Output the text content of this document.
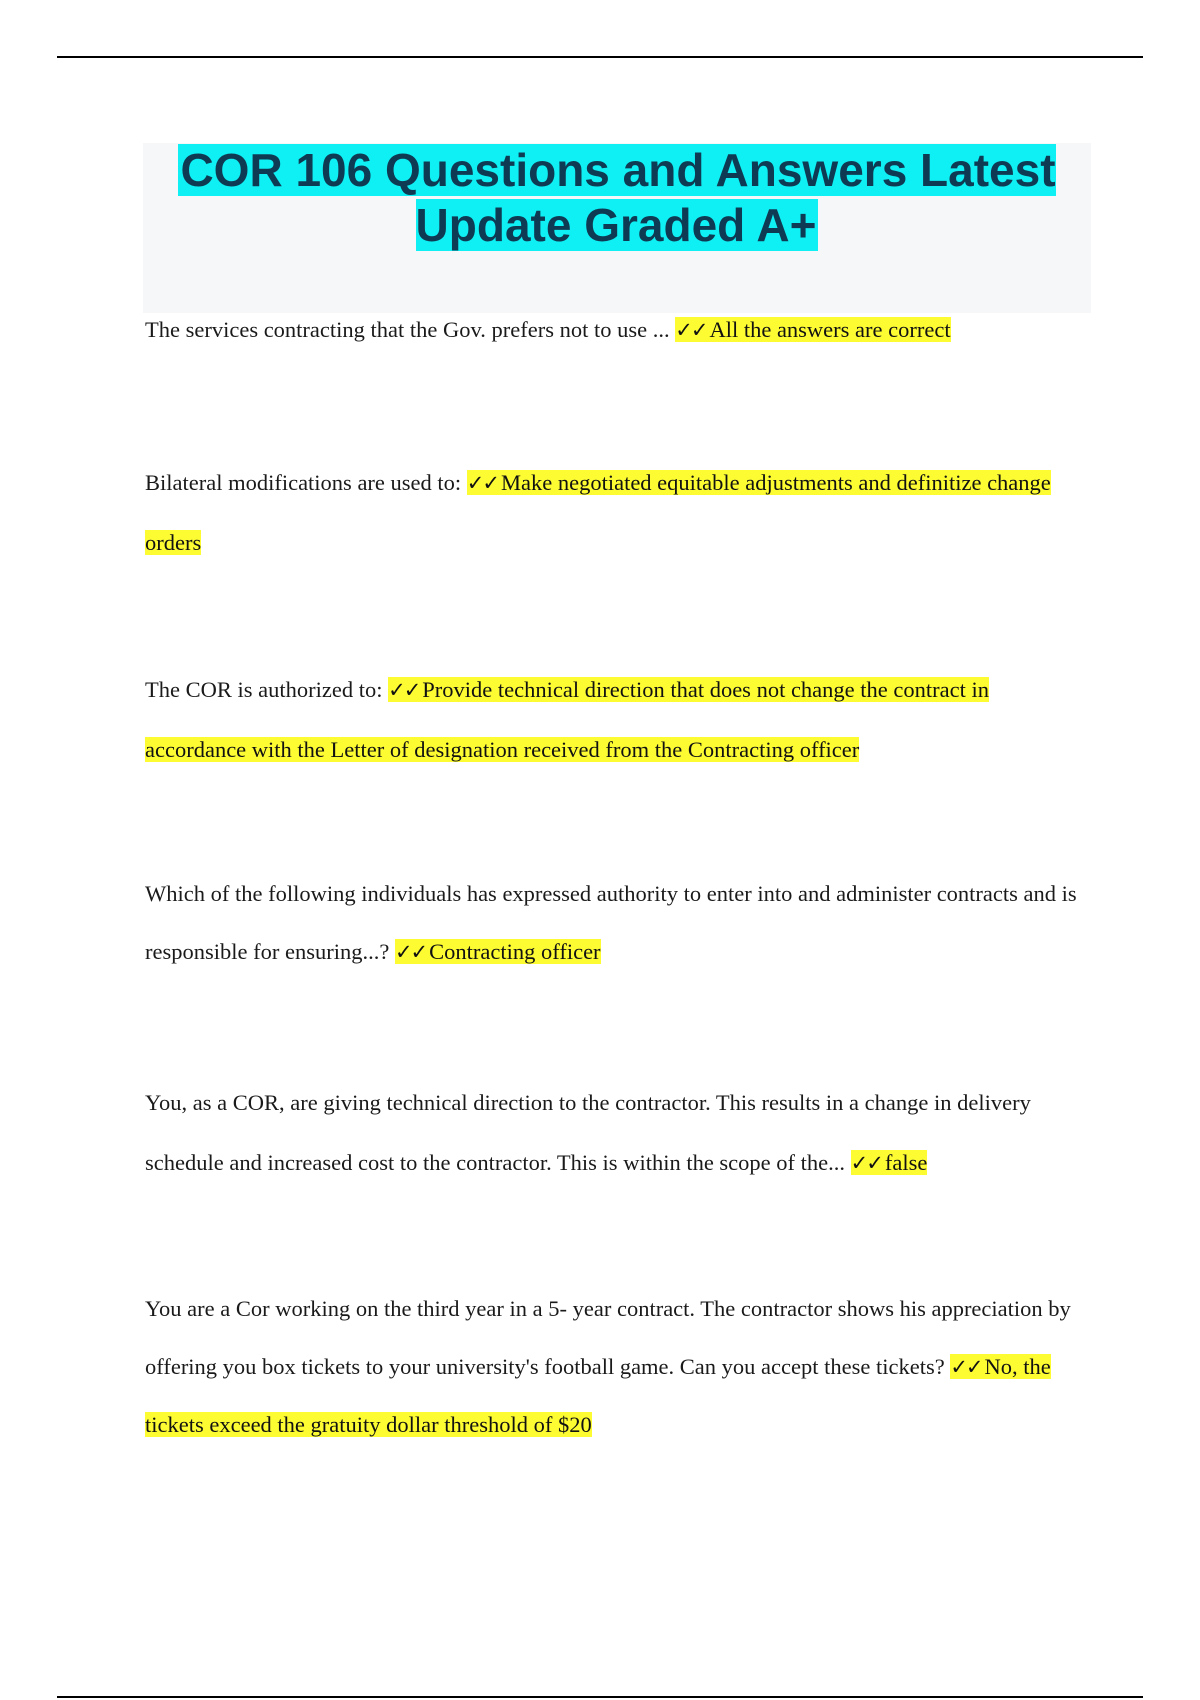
COR 106 Questions and Answers Latest Update Graded A+

The services contracting that the Gov. prefers not to use ... ✓✓ All the answers are correct

Bilateral modifications are used to: ✓✓ Make negotiated equitable adjustments and definitize change orders

The COR is authorized to: ✓✓ Provide technical direction that does not change the contract in accordance with the Letter of designation received from the Contracting officer

Which of the following individuals has expressed authority to enter into and administer contracts and is responsible for ensuring...? ✓✓ Contracting officer

You, as a COR, are giving technical direction to the contractor. This results in a change in delivery schedule and increased cost to the contractor. This is within the scope of the... ✓✓ false

You are a Cor working on the third year in a 5- year contract. The contractor shows his appreciation by offering you box tickets to your university's football game. Can you accept these tickets? ✓✓ No, the tickets exceed the gratuity dollar threshold of $20
